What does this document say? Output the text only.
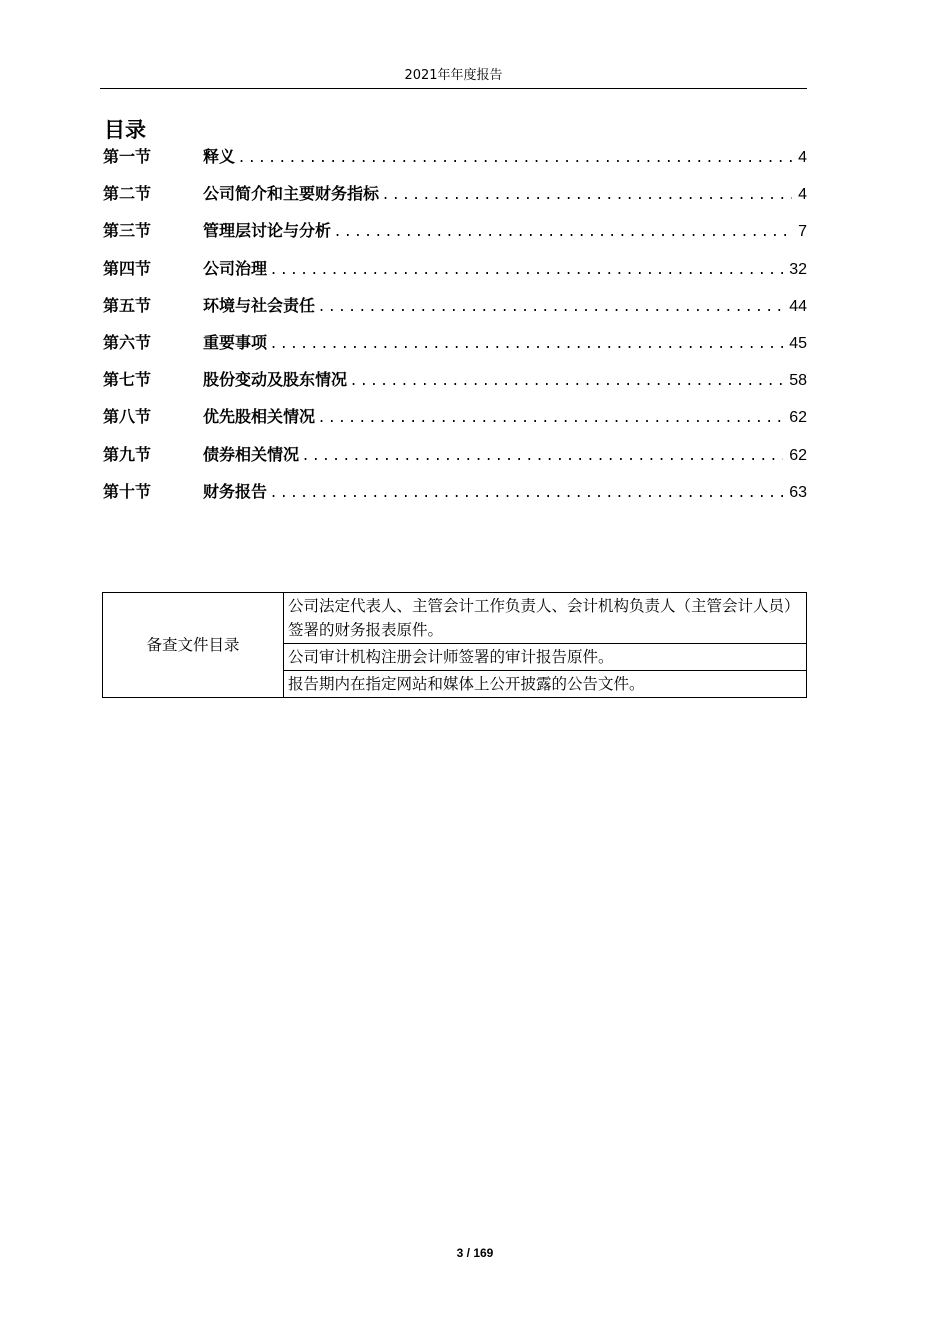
2021年年度报告
目录
第一节	释义 . . .	4
第二节	公司简介和主要财务指标 . . .	4
第三节	管理层讨论与分析 . . .	7
第四节	公司治理 . . .	32
第五节	环境与社会责任 . . .	44
第六节	重要事项 . . .	45
第七节	股份变动及股东情况 . . .	58
第八节	优先股相关情况 . . .	62
第九节	债券相关情况 . . .	62
第十节	财务报告 . . .	63
备查文件目录	公司法定代表人、主管会计工作负责人、会计机构负责人（主管会计人员）签署的财务报表原件。
公司审计机构注册会计师签署的审计报告原件。
报告期内在指定网站和媒体上公开披露的公告文件。
3 / 169
